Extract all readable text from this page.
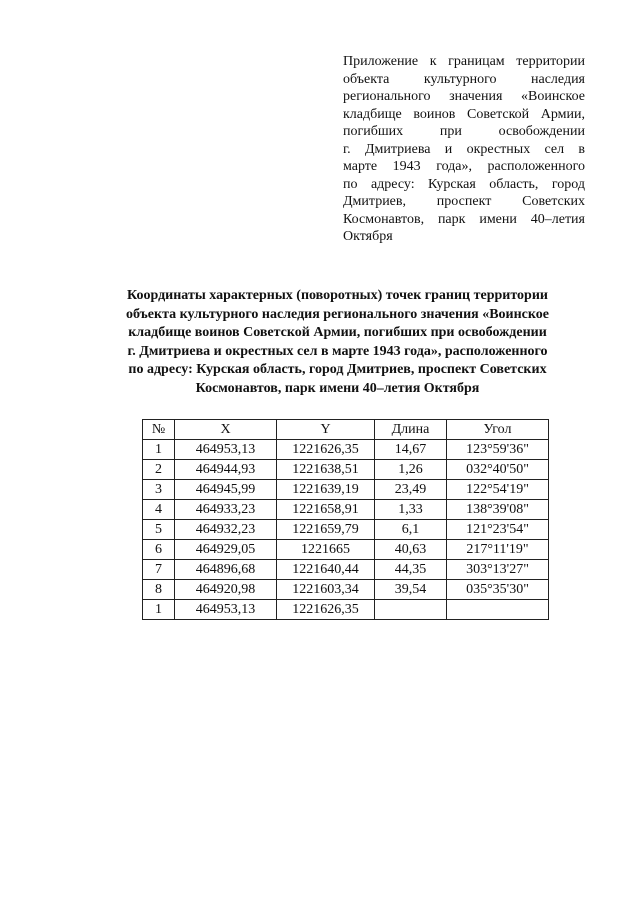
Приложение к границам территории
объекта культурного наследия
регионального значения «Воинское
кладбище воинов Советской Армии,
погибших при освобождении
г. Дмитриева и окрестных сел в
марте 1943 года», расположенного
по адресу: Курская область, город
Дмитриев, проспект Советских
Космонавтов, парк имени 40–летия
Октября
Координаты характерных (поворотных) точек границ территории
объекта культурного наследия регионального значения «Воинское
кладбище воинов Советской Армии, погибших при освобождении
г. Дмитриева и окрестных сел в марте 1943 года», расположенного
по адресу: Курская область, город Дмитриев, проспект Советских
Космонавтов, парк имени 40–летия Октября
№	X	Y	Длина	Угол
1	464953,13	1221626,35	14,67	123°59'36"
2	464944,93	1221638,51	1,26	032°40'50"
3	464945,99	1221639,19	23,49	122°54'19"
4	464933,23	1221658,91	1,33	138°39'08"
5	464932,23	1221659,79	6,1	121°23'54"
6	464929,05	1221665	40,63	217°11'19"
7	464896,68	1221640,44	44,35	303°13'27"
8	464920,98	1221603,34	39,54	035°35'30"
1	464953,13	1221626,35		
